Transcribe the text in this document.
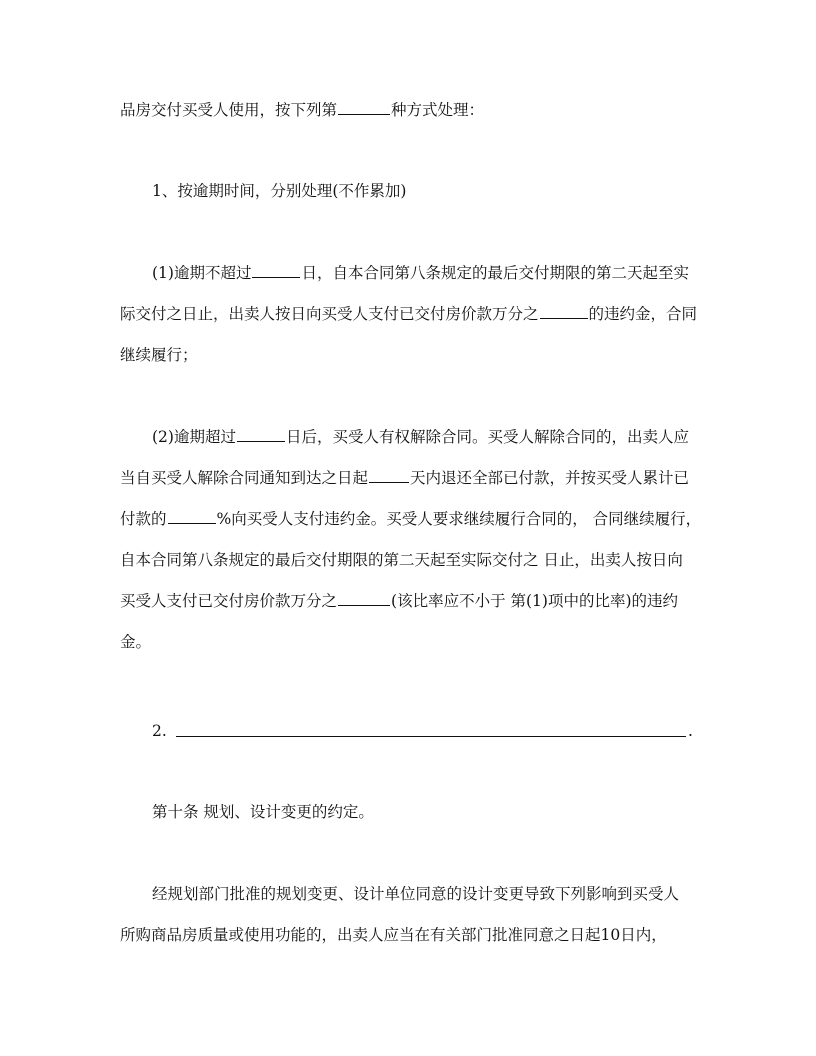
品房交付买受人使用，按下列第	种方式处理：
1、按逾期时间，分别处理(不作累加)
(1)逾期不超过	日，自本合同第八条规定的最后交付期限的第二天起至实
际交付之日止，出卖人按日向买受人支付已交付房价款万分之	的违约金，合同
继续履行；
(2)逾期超过	日后，买受人有权解除合同。买受人解除合同的，出卖人应
当自买受人解除合同通知到达之日起	天内退还全部已付款，并按买受人累计已
付款的	%向买受人支付违约金。买受人要求继续履行合同的， 合同继续履行，
自本合同第八条规定的最后交付期限的第二天起至实际交付之 日止，出卖人按日向
买受人支付已交付房价款万分之	(该比率应不小于 第(1)项中的比率)的违约
金。
2.	.
第十条 规划、设计变更的约定。
经规划部门批准的规划变更、设计单位同意的设计变更导致下列影响到买受人
所购商品房质量或使用功能的，出卖人应当在有关部门批准同意之日起10日内，
